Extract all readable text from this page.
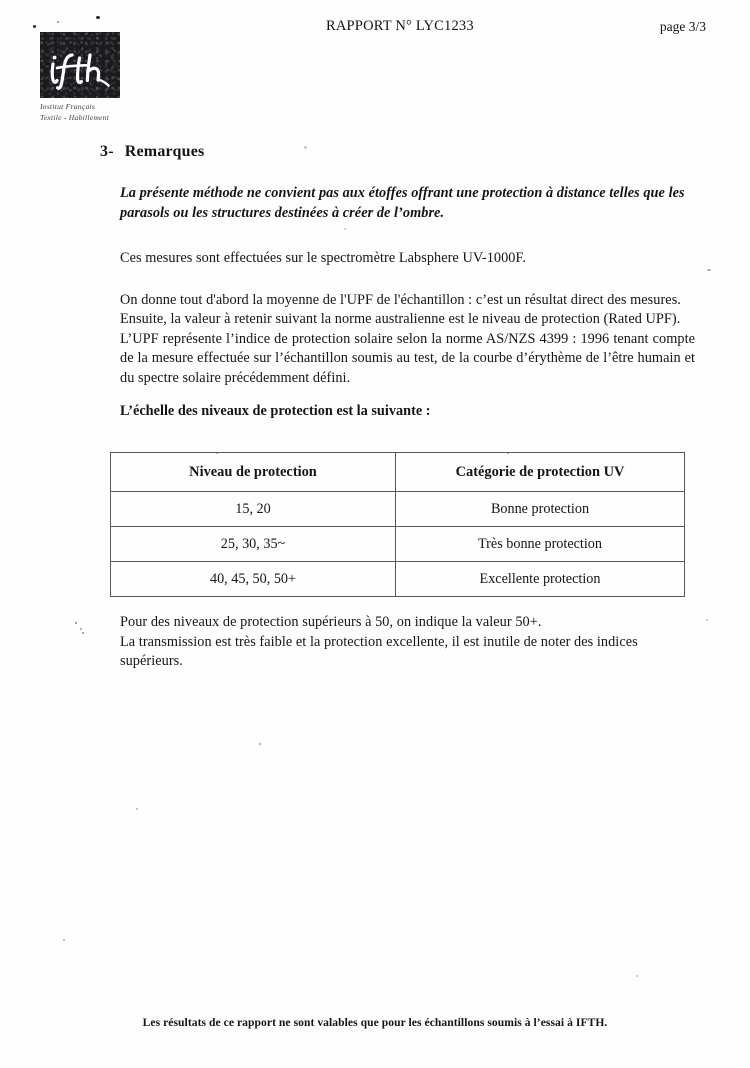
RAPPORT N° LYC1233	page 3/3
Institut Français
Textile - Habillement
3- Remarques

La présente méthode ne convient pas aux étoffes offrant une protection à distance telles que les parasols ou les structures destinées à créer de l’ombre.

Ces mesures sont effectuées sur le spectromètre Labsphere UV-1000F.

On donne tout d'abord la moyenne de l'UPF de l'échantillon : c’est un résultat direct des mesures.

Ensuite, la valeur à retenir suivant la norme australienne est le niveau de protection (Rated UPF).

L’UPF représente l’indice de protection solaire selon la norme AS/NZS 4399 : 1996 tenant compte de la mesure effectuée sur l’échantillon soumis au test, de la courbe d’érythème de l’être humain et du spectre solaire précédemment défini.

L’échelle des niveaux de protection est la suivante :

Niveau de protection	Catégorie de protection UV
15, 20	Bonne protection
25, 30, 35~	Très bonne protection
40, 45, 50, 50+	Excellente protection

Pour des niveaux de protection supérieurs à 50, on indique la valeur 50+.

La transmission est très faible et la protection excellente, il est inutile de noter des indices supérieurs.

Les résultats de ce rapport ne sont valables que pour les échantillons soumis à l’essai à IFTH.
